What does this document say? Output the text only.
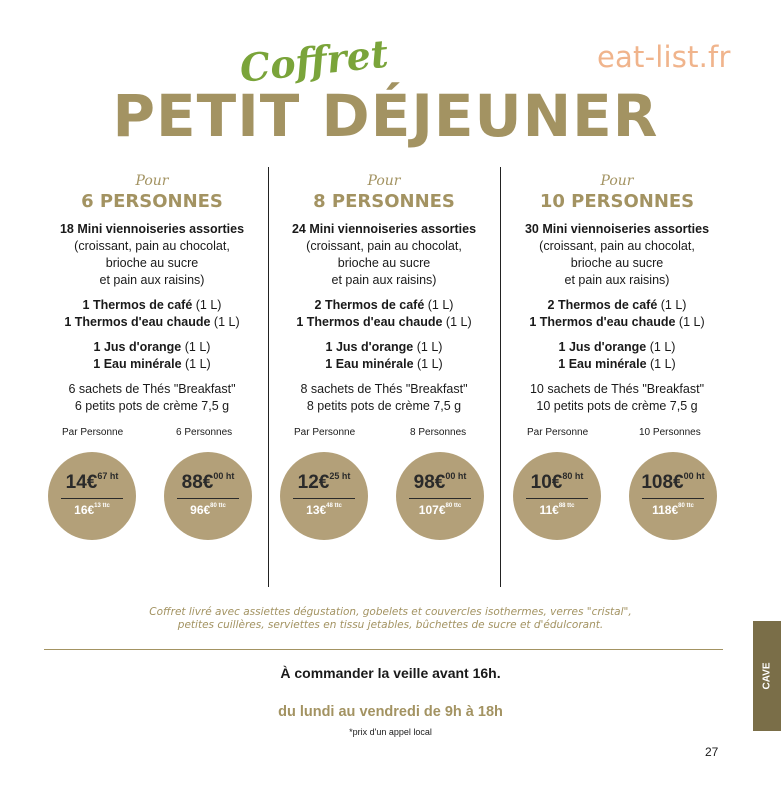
eat-list.fr
Coffret
PETIT DÉJEUNER
Pour
6 PERSONNES
18 Mini viennoiseries assorties
(croissant, pain au chocolat,
brioche au sucre
et pain aux raisins)
1 Thermos de café (1 L)
1 Thermos d'eau chaude (1 L)
1 Jus d'orange (1 L)
1 Eau minérale (1 L)
6 sachets de Thés "Breakfast"
6 petits pots de crème 7,5 g
Par Personne	6 Personnes
14€$^{67 ht}$
16€$^{13 ttc}$
88€$^{00 ht}$
96€$^{80 ttc}$
Pour
8 PERSONNES
24 Mini viennoiseries assorties
(croissant, pain au chocolat,
brioche au sucre
et pain aux raisins)
2 Thermos de café (1 L)
1 Thermos d'eau chaude (1 L)
1 Jus d'orange (1 L)
1 Eau minérale (1 L)
8 sachets de Thés "Breakfast"
8 petits pots de crème 7,5 g
Par Personne	8 Personnes
12€$^{25 ht}$
13€$^{48 ttc}$
98€$^{00 ht}$
107€$^{80 ttc}$
Pour
10 PERSONNES
30 Mini viennoiseries assorties
(croissant, pain au chocolat,
brioche au sucre
et pain aux raisins)
2 Thermos de café (1 L)
1 Thermos d'eau chaude (1 L)
1 Jus d'orange (1 L)
1 Eau minérale (1 L)
10 sachets de Thés "Breakfast"
10 petits pots de crème 7,5 g
Par Personne	10 Personnes
10€$^{80 ht}$
11€$^{88 ttc}$
108€$^{00 ht}$
118€$^{80 ttc}$
Coffret livré avec assiettes dégustation, gobelets et couvercles isothermes, verres "cristal",
petites cuillères, serviettes en tissu jetables, bûchettes de sucre et d'édulcorant.
À commander la veille avant 16h.
du lundi au vendredi de 9h à 18h
*prix d'un appel local
27
CAVE
